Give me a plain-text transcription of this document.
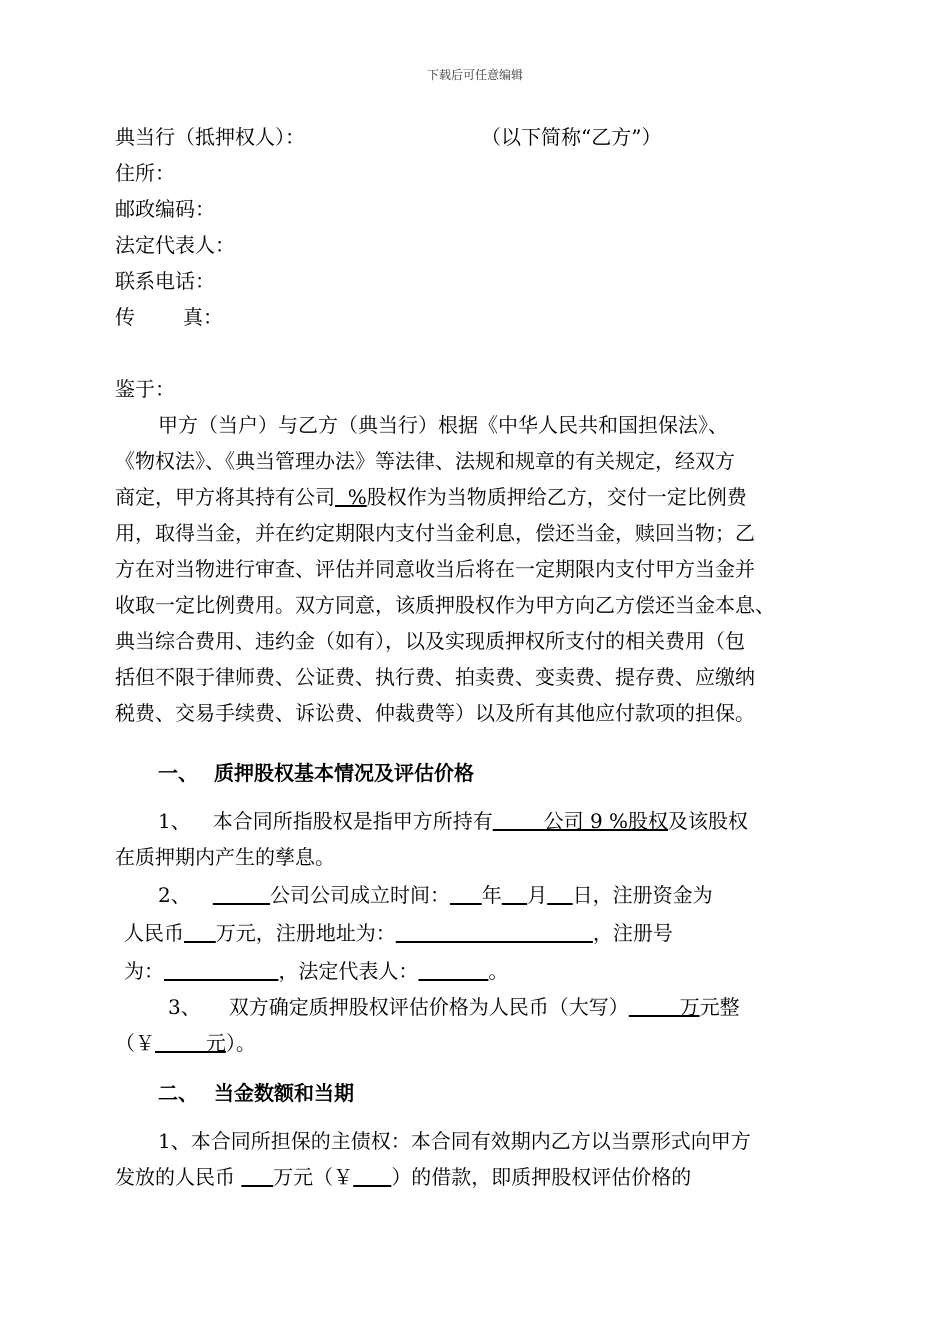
下载后可任意编辑
典当行（抵押权人）：	（以下简称“乙方”）
住所：
邮政编码：
法定代表人：
联系电话：
传 真：
鉴于：
甲方（当户）与乙方（典当行）根据《中华人民共和国担保法》、
《物权法》、《典当管理办法》等法律、法规和规章的有关规定，经双方
商定，甲方将其持有公司  %股权作为当物质押给乙方，交付一定比例费
用，取得当金，并在约定期限内支付当金利息，偿还当金，赎回当物；乙
方在对当物进行审查、评估并同意收当后将在一定期限内支付甲方当金并
收取一定比例费用。双方同意，该质押股权作为甲方向乙方偿还当金本息、
典当综合费用、违约金（如有），以及实现质押权所支付的相关费用（包
括但不限于律师费、公证费、执行费、拍卖费、变卖费、提存费、应缴纳
税费、交易手续费、诉讼费、仲裁费等）以及所有其他应付款项的担保。
一、 质押股权基本情况及评估价格
1、 本合同所指股权是指甲方所持有        公司 9 %股权及该股权
在质押期内产生的孳息。
2、	公司公司成立时间： 年 月 日，注册资金为
人民币 万元，注册地址为：	，注册号
为：	，法定代表人：	。
3、 双方确定质押股权评估价格为人民币（大写）        万元整
（￥        元）。
二、 当金数额和当期
1、本合同所担保的主债权：本合同有效期内乙方以当票形式向甲方
发放的人民币      万元（￥ ）的借款，即质押股权评估价格的
